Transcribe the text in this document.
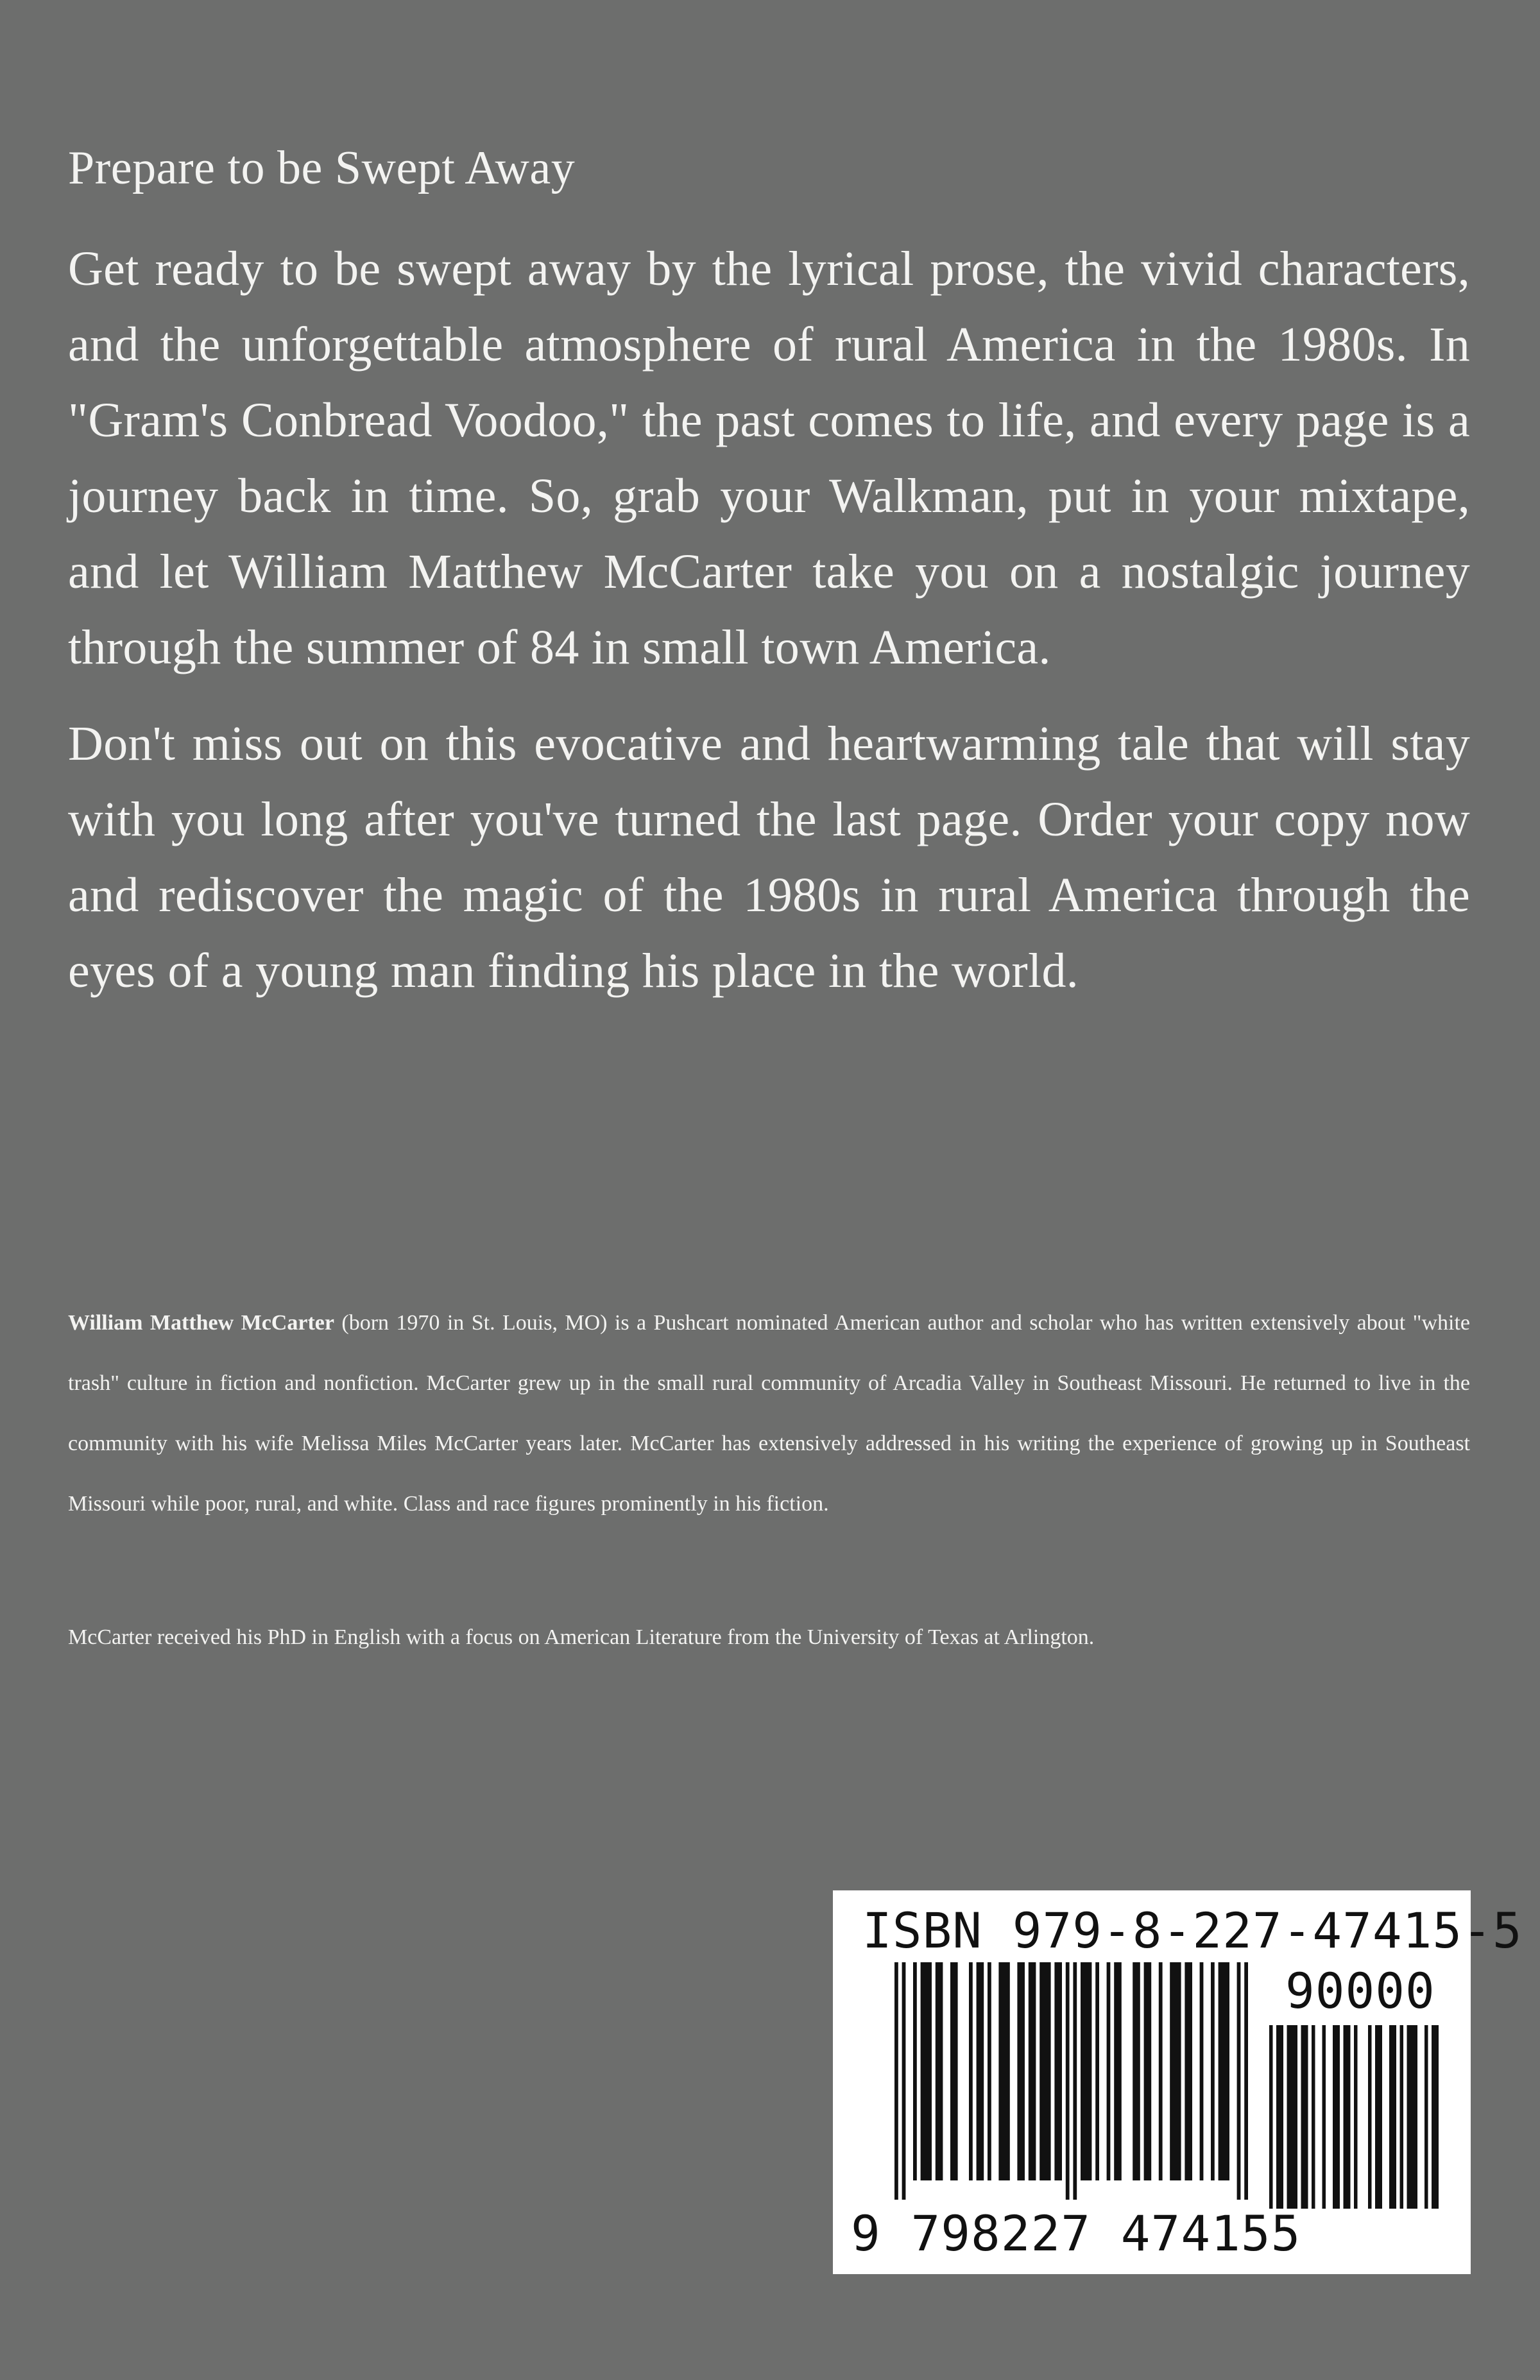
Prepare to be Swept Away

Get ready to be swept away by the lyrical prose, the vivid characters, and the unforgettable atmosphere of rural America in the 1980s. In "Gram's Conbread Voodoo," the past comes to life, and every page is a journey back in time. So, grab your Walkman, put in your mixtape, and let William Matthew McCarter take you on a nostalgic journey through the summer of 84 in small town America.

Don't miss out on this evocative and heartwarming tale that will stay with you long after you've turned the last page. Order your copy now and rediscover the magic of the 1980s in rural America through the eyes of a young man finding his place in the world.

William Matthew McCarter (born 1970 in St. Louis, MO) is a Pushcart nominated American author and scholar who has written extensively about "white trash" culture in fiction and nonfiction. McCarter grew up in the small rural community of Arcadia Valley in Southeast Missouri. He returned to live in the community with his wife Melissa Miles McCarter years later. McCarter has extensively addressed in his writing the experience of growing up in Southeast Missouri while poor, rural, and white. Class and race figures prominently in his fiction.

McCarter received his PhD in English with a focus on American Literature from the University of Texas at Arlington.

ISBN 979-8-227-47415-5
90000
9 798227 474155
